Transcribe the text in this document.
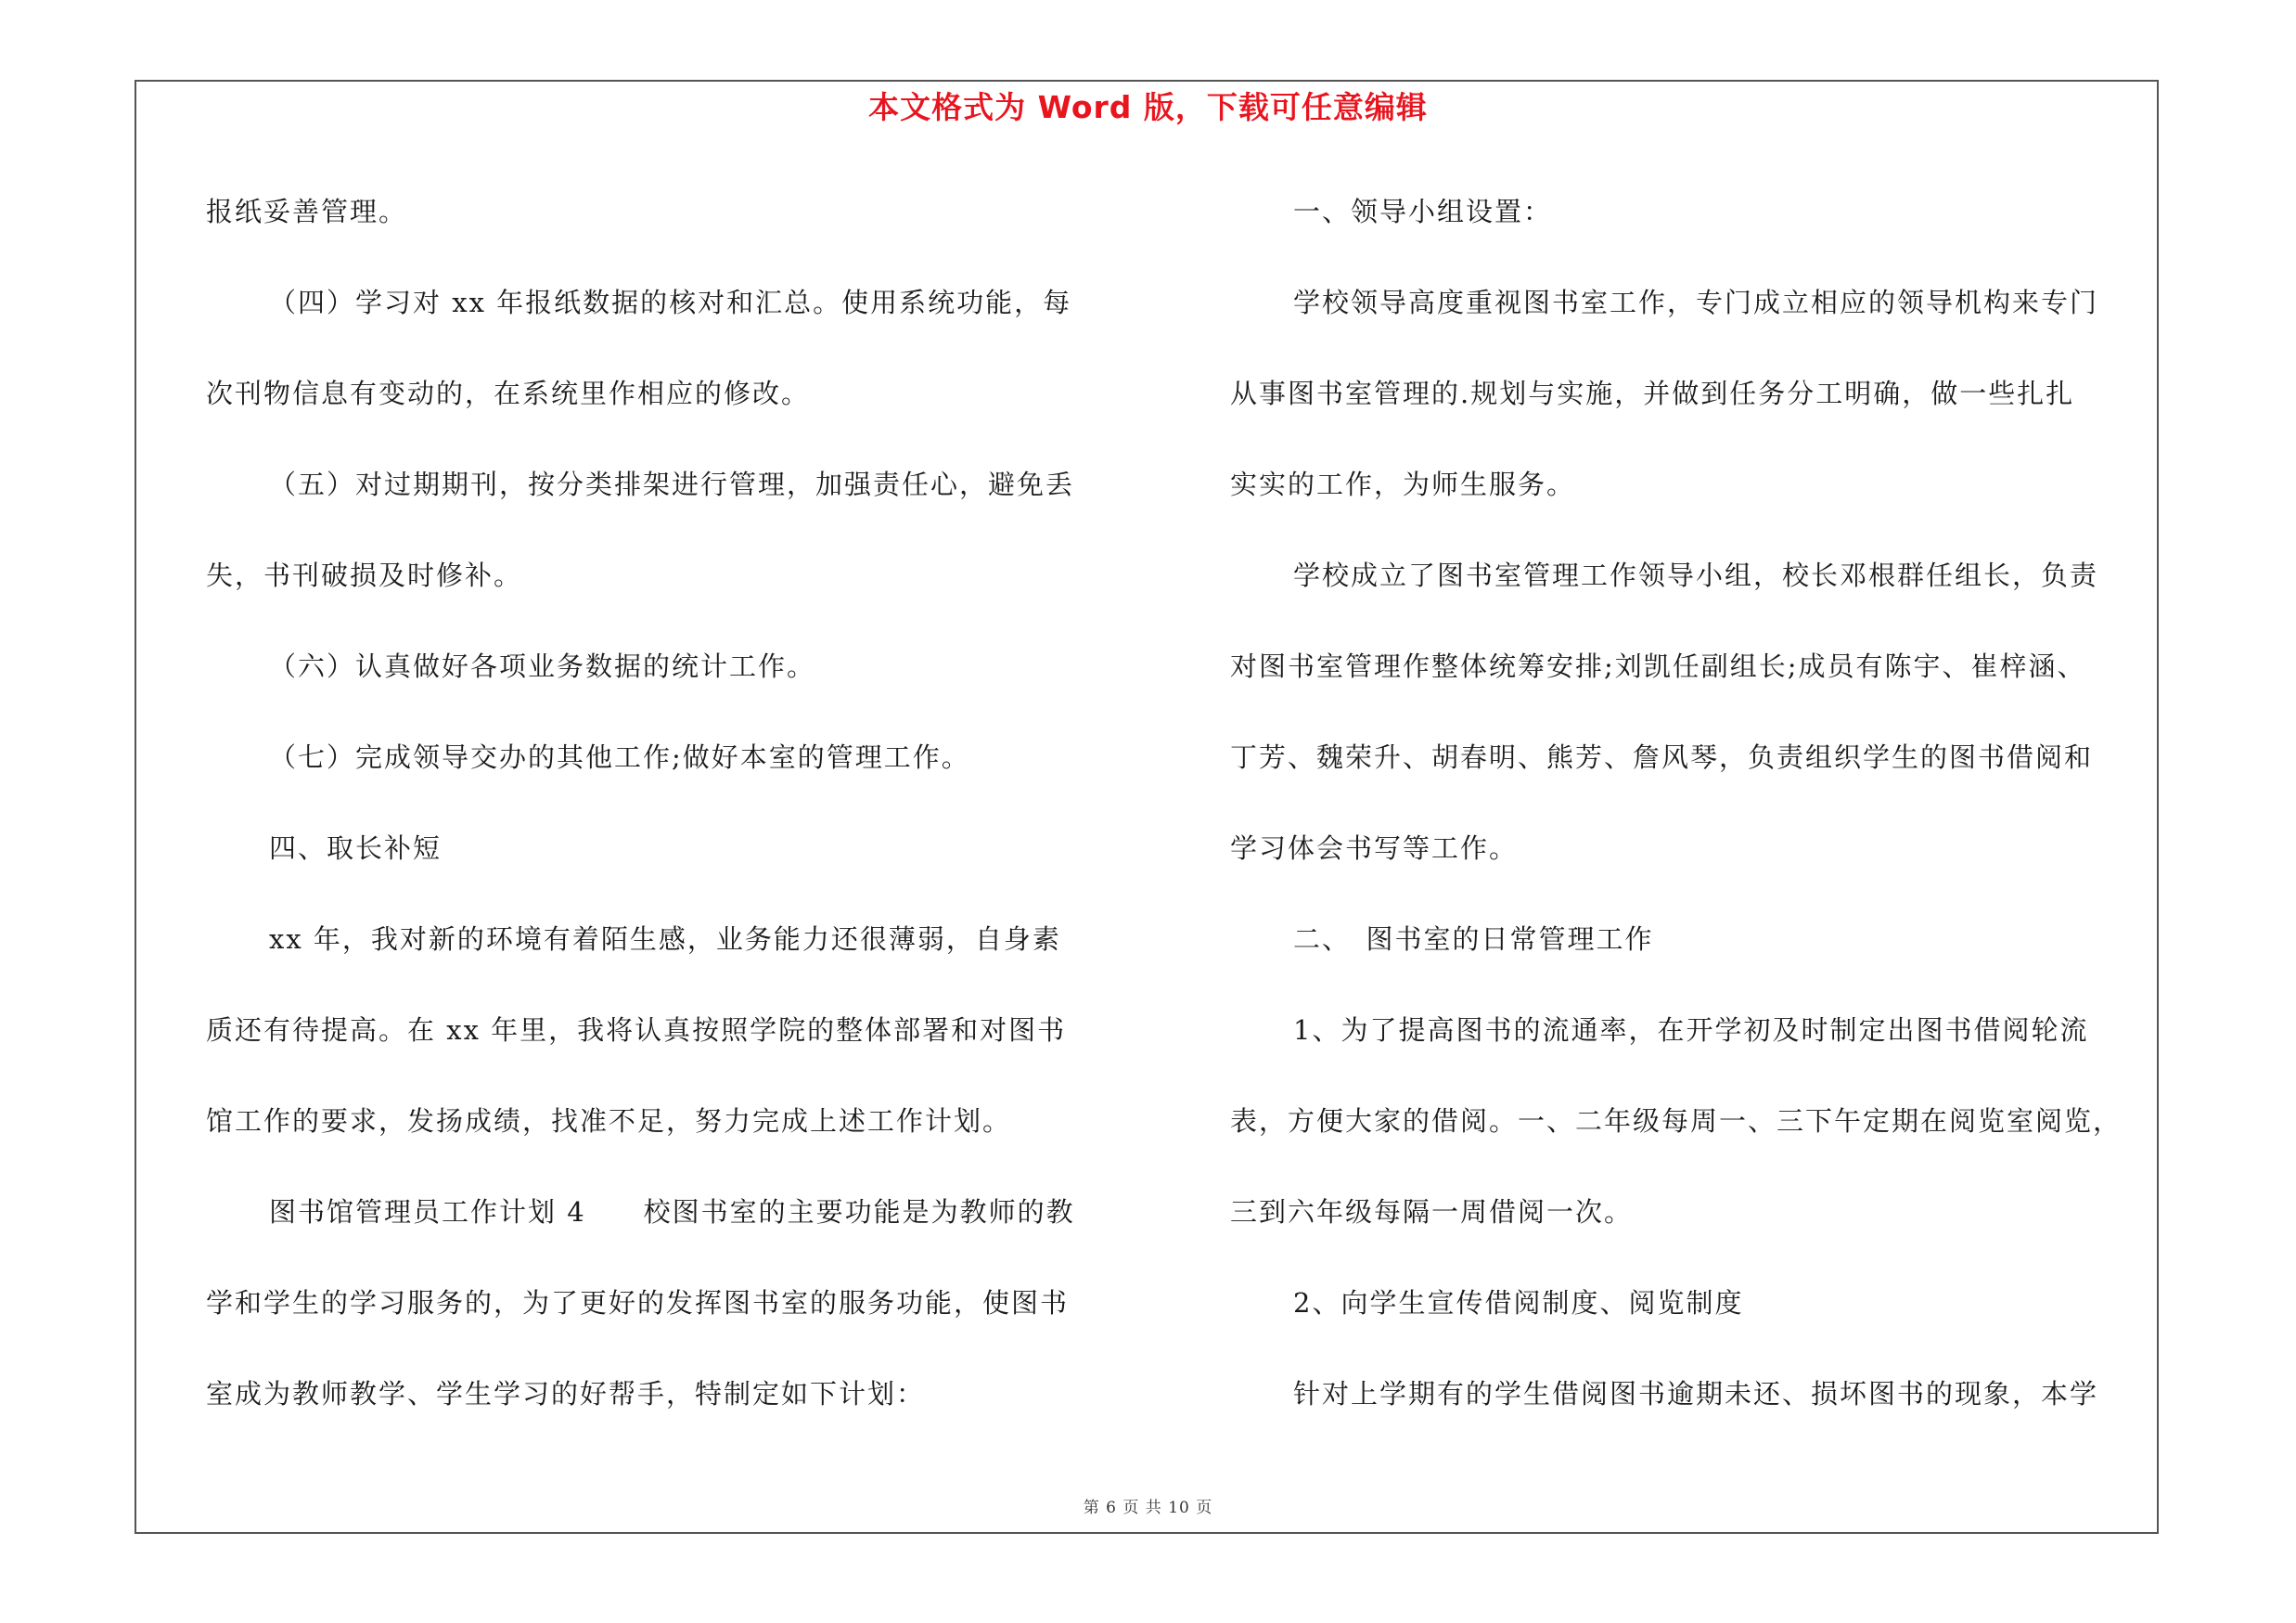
本文格式为 Word 版，下载可任意编辑
报纸妥善管理。
（四）学习对 xx 年报纸数据的核对和汇总。使用系统功能，每
次刊物信息有变动的，在系统里作相应的修改。
（五）对过期期刊，按分类排架进行管理，加强责任心，避免丢
失，书刊破损及时修补。
（六）认真做好各项业务数据的统计工作。
（七）完成领导交办的其他工作;做好本室的管理工作。
四、取长补短
xx 年，我对新的环境有着陌生感，业务能力还很薄弱，自身素
质还有待提高。在 xx 年里，我将认真按照学院的整体部署和对图书
馆工作的要求，发扬成绩，找准不足，努力完成上述工作计划。
图书馆管理员工作计划 4　　校图书室的主要功能是为教师的教
学和学生的学习服务的，为了更好的发挥图书室的服务功能，使图书
室成为教师教学、学生学习的好帮手，特制定如下计划：
一、领导小组设置：
学校领导高度重视图书室工作，专门成立相应的领导机构来专门
从事图书室管理的.规划与实施，并做到任务分工明确，做一些扎扎
实实的工作，为师生服务。
学校成立了图书室管理工作领导小组，校长邓根群任组长，负责
对图书室管理作整体统筹安排;刘凯任副组长;成员有陈宇、崔梓涵、
丁芳、魏荣升、胡春明、熊芳、詹风琴，负责组织学生的图书借阅和
学习体会书写等工作。
二、　图书室的日常管理工作
1、为了提高图书的流通率，在开学初及时制定出图书借阅轮流
表，方便大家的借阅。一、二年级每周一、三下午定期在阅览室阅览，
三到六年级每隔一周借阅一次。
2、向学生宣传借阅制度、阅览制度
针对上学期有的学生借阅图书逾期未还、损坏图书的现象，本学
第 6 页 共 10 页
